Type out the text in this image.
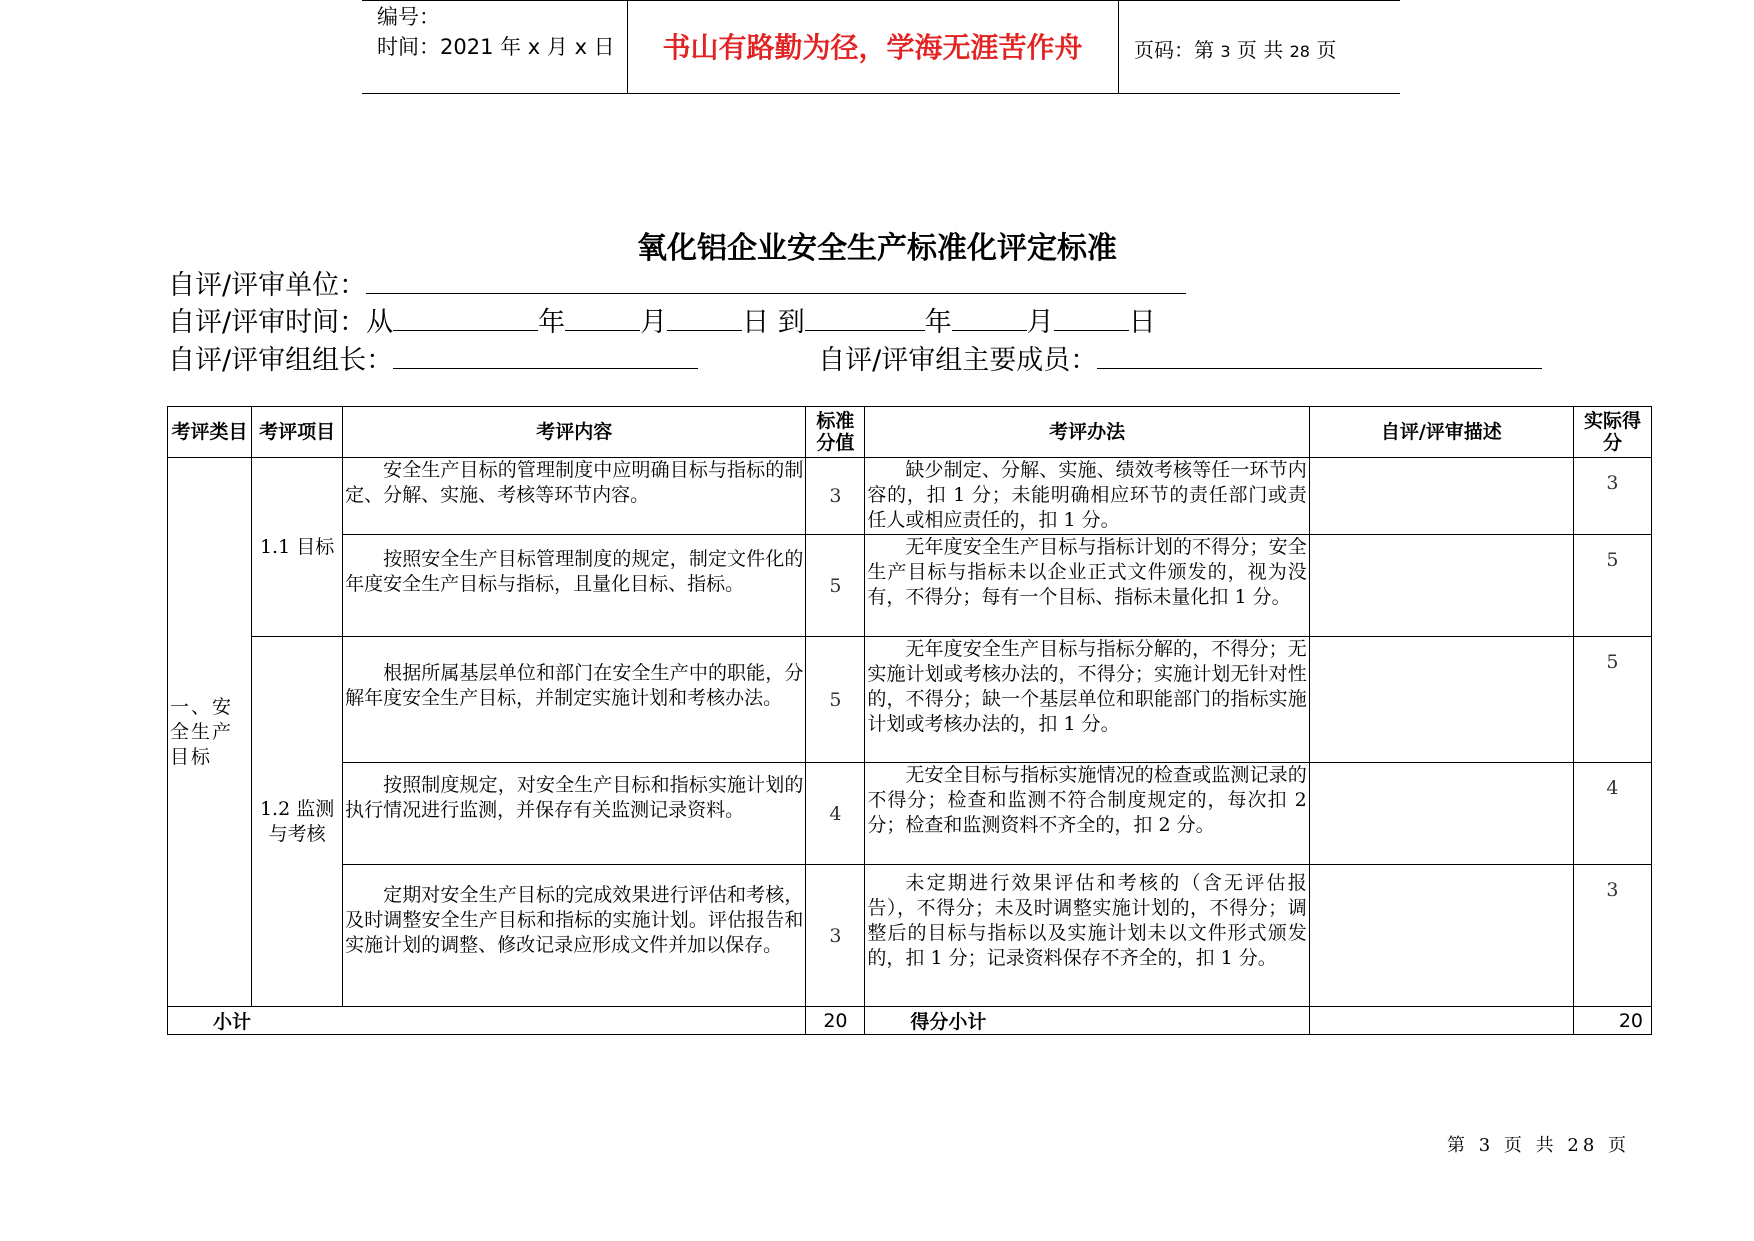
编号：
时间：2021 年 x 月 x 日	书山有路勤为径，学海无涯苦作舟	页码：第 3 页 共 28 页
氧化铝企业安全生产标准化评定标准
自评/评审单位：
自评/评审时间：从	年	月	日 到	年	月	日
自评/评审组组长：	自评/评审组主要成员：
考评类目	考评项目	考评内容	标准分值	考评办法	自评/评审描述	实际得分
一、安全生产目标	1.1 目标	安全生产目标的管理制度中应明确目标与指标的制定、分解、实施、考核等环节内容。	3	缺少制定、分解、实施、绩效考核等任一环节内容的，扣 1 分；未能明确相应环节的责任部门或责任人或相应责任的，扣 1 分。		3
		按照安全生产目标管理制度的规定，制定文件化的年度安全生产目标与指标，且量化目标、指标。	5	无年度安全生产目标与指标计划的不得分；安全生产目标与指标未以企业正式文件颁发的，视为没有，不得分；每有一个目标、指标未量化扣 1 分。		5
	1.2 监测与考核	根据所属基层单位和部门在安全生产中的职能，分解年度安全生产目标，并制定实施计划和考核办法。	5	无年度安全生产目标与指标分解的，不得分；无实施计划或考核办法的，不得分；实施计划无针对性的，不得分；缺一个基层单位和职能部门的指标实施计划或考核办法的，扣 1 分。		5
		按照制度规定，对安全生产目标和指标实施计划的执行情况进行监测，并保存有关监测记录资料。	4	无安全目标与指标实施情况的检查或监测记录的不得分；检查和监测不符合制度规定的，每次扣 2 分；检查和监测资料不齐全的，扣 2 分。		4
		定期对安全生产目标的完成效果进行评估和考核，及时调整安全生产目标和指标的实施计划。评估报告和实施计划的调整、修改记录应形成文件并加以保存。	3	未定期进行效果评估和考核的（含无评估报告），不得分；未及时调整实施计划的，不得分；调整后的目标与指标以及实施计划未以文件形式颁发的，扣 1 分；记录资料保存不齐全的，扣 1 分。		3
小计			20	得分小计		20
第 3 页 共 28 页
